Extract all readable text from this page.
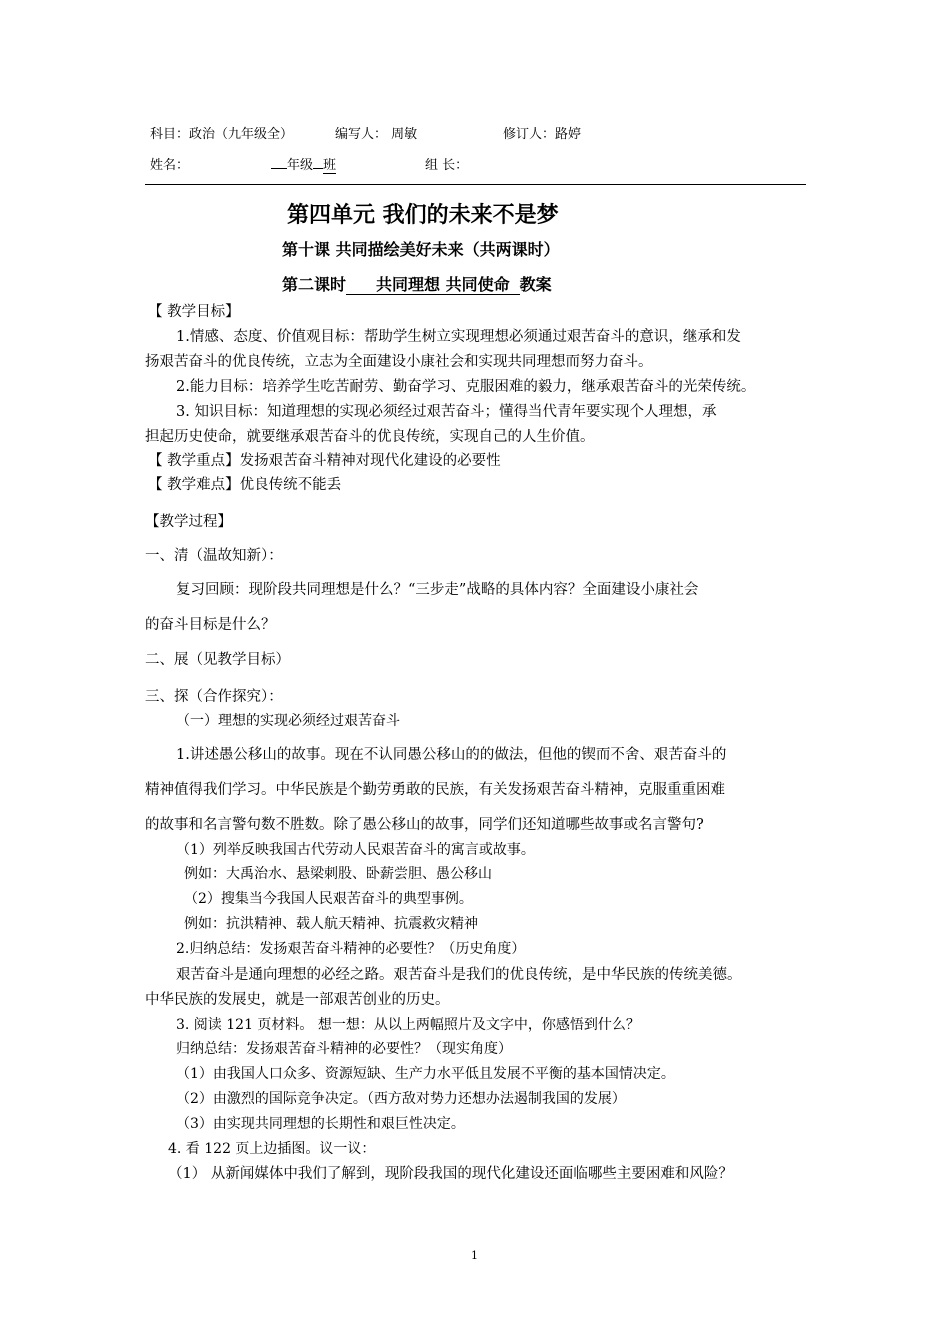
科目：政治（九年级全）	编写人： 周敏	修订人：路婷
姓名：	年级 班	组 长：
第四单元 我们的未来不是梦
第十课 共同描绘美好未来（共两课时）
第二课时 共同理想 共同使命 教案
【 教学目标】
1.情感、态度、价值观目标：帮助学生树立实现理想必须通过艰苦奋斗的意识，继承和发
扬艰苦奋斗的优良传统，立志为全面建设小康社会和实现共同理想而努力奋斗。
2.能力目标：培养学生吃苦耐劳、勤奋学习、克服困难的毅力，继承艰苦奋斗的光荣传统。
3. 知识目标：知道理想的实现必须经过艰苦奋斗；懂得当代青年要实现个人理想，承
担起历史使命，就要继承艰苦奋斗的优良传统，实现自己的人生价值。
【 教学重点】发扬艰苦奋斗精神对现代化建设的必要性
【 教学难点】优良传统不能丢
【教学过程】
一、清（温故知新）：
复习回顾：现阶段共同理想是什么？“三步走”战略的具体内容？全面建设小康社会
的奋斗目标是什么？
二、展（见教学目标）
三、探（合作探究）：
（一）理想的实现必须经过艰苦奋斗
1.讲述愚公移山的故事。现在不认同愚公移山的的做法，但他的锲而不舍、艰苦奋斗的
精神值得我们学习。中华民族是个勤劳勇敢的民族，有关发扬艰苦奋斗精神，克服重重困难
的故事和名言警句数不胜数。除了愚公移山的故事，同学们还知道哪些故事或名言警句?
（1）列举反映我国古代劳动人民艰苦奋斗的寓言或故事。
例如：大禹治水、悬梁刺股、卧薪尝胆、愚公移山
（2）搜集当今我国人民艰苦奋斗的典型事例。
例如：抗洪精神、载人航天精神、抗震救灾精神
2.归纳总结：发扬艰苦奋斗精神的必要性？（历史角度）
艰苦奋斗是通向理想的必经之路。艰苦奋斗是我们的优良传统，是中华民族的传统美德。
中华民族的发展史，就是一部艰苦创业的历史。
3. 阅读 121 页材料。 想一想：从以上两幅照片及文字中，你感悟到什么？
归纳总结：发扬艰苦奋斗精神的必要性？（现实角度）
（1）由我国人口众多、资源短缺、生产力水平低且发展不平衡的基本国情决定。
（2）由激烈的国际竞争决定。（西方敌对势力还想办法遏制我国的发展）
（3）由实现共同理想的长期性和艰巨性决定。
4. 看 122 页上边插图。议一议：
（1） 从新闻媒体中我们了解到，现阶段我国的现代化建设还面临哪些主要困难和风险？
1
